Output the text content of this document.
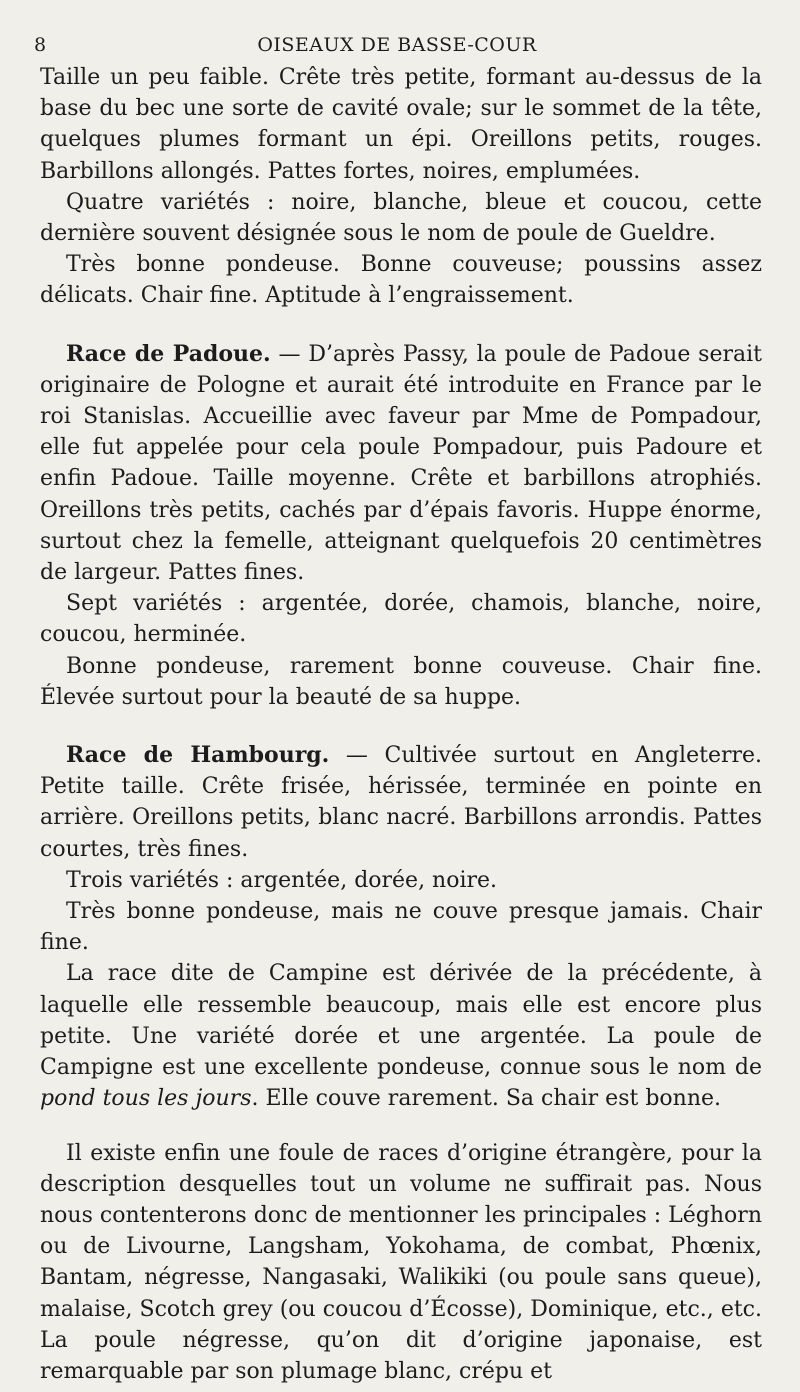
8	OISEAUX DE BASSE-COUR

Taille un peu faible. Crête très petite, formant au-dessus de la base du bec une sorte de cavité ovale; sur le sommet de la tête, quelques plumes formant un épi. Oreillons petits, rouges. Barbillons allongés. Pattes fortes, noires, emplumées.

Quatre variétés : noire, blanche, bleue et coucou, cette dernière souvent désignée sous le nom de poule de Gueldre.

Très bonne pondeuse. Bonne couveuse; poussins assez délicats. Chair fine. Aptitude à l’engraissement.

Race de Padoue. — D’après Passy, la poule de Padoue serait originaire de Pologne et aurait été introduite en France par le roi Stanislas. Accueillie avec faveur par Mme de Pompadour, elle fut appelée pour cela poule Pompadour, puis Padoure et enfin Padoue. Taille moyenne. Crête et barbillons atrophiés. Oreillons très petits, cachés par d’épais favoris. Huppe énorme, surtout chez la femelle, atteignant quelquefois 20 centimètres de largeur. Pattes fines.

Sept variétés : argentée, dorée, chamois, blanche, noire, coucou, herminée.

Bonne pondeuse, rarement bonne couveuse. Chair fine. Élevée surtout pour la beauté de sa huppe.

Race de Hambourg. — Cultivée surtout en Angleterre. Petite taille. Crête frisée, hérissée, terminée en pointe en arrière. Oreillons petits, blanc nacré. Barbillons arrondis. Pattes courtes, très fines.

Trois variétés : argentée, dorée, noire.

Très bonne pondeuse, mais ne couve presque jamais. Chair fine.

La race dite de Campine est dérivée de la précédente, à laquelle elle ressemble beaucoup, mais elle est encore plus petite. Une variété dorée et une argentée. La poule de Campigne est une excellente pondeuse, connue sous le nom de pond tous les jours. Elle couve rarement. Sa chair est bonne.

Il existe enfin une foule de races d’origine étrangère, pour la description desquelles tout un volume ne suffirait pas. Nous nous contenterons donc de mentionner les principales : Léghorn ou de Livourne, Langsham, Yokohama, de combat, Phœnix, Bantam, négresse, Nangasaki, Walikiki (ou poule sans queue), malaise, Scotch grey (ou coucou d’Écosse), Dominique, etc., etc. La poule négresse, qu’on dit d’origine japonaise, est remarquable par son plumage blanc, crépu et
